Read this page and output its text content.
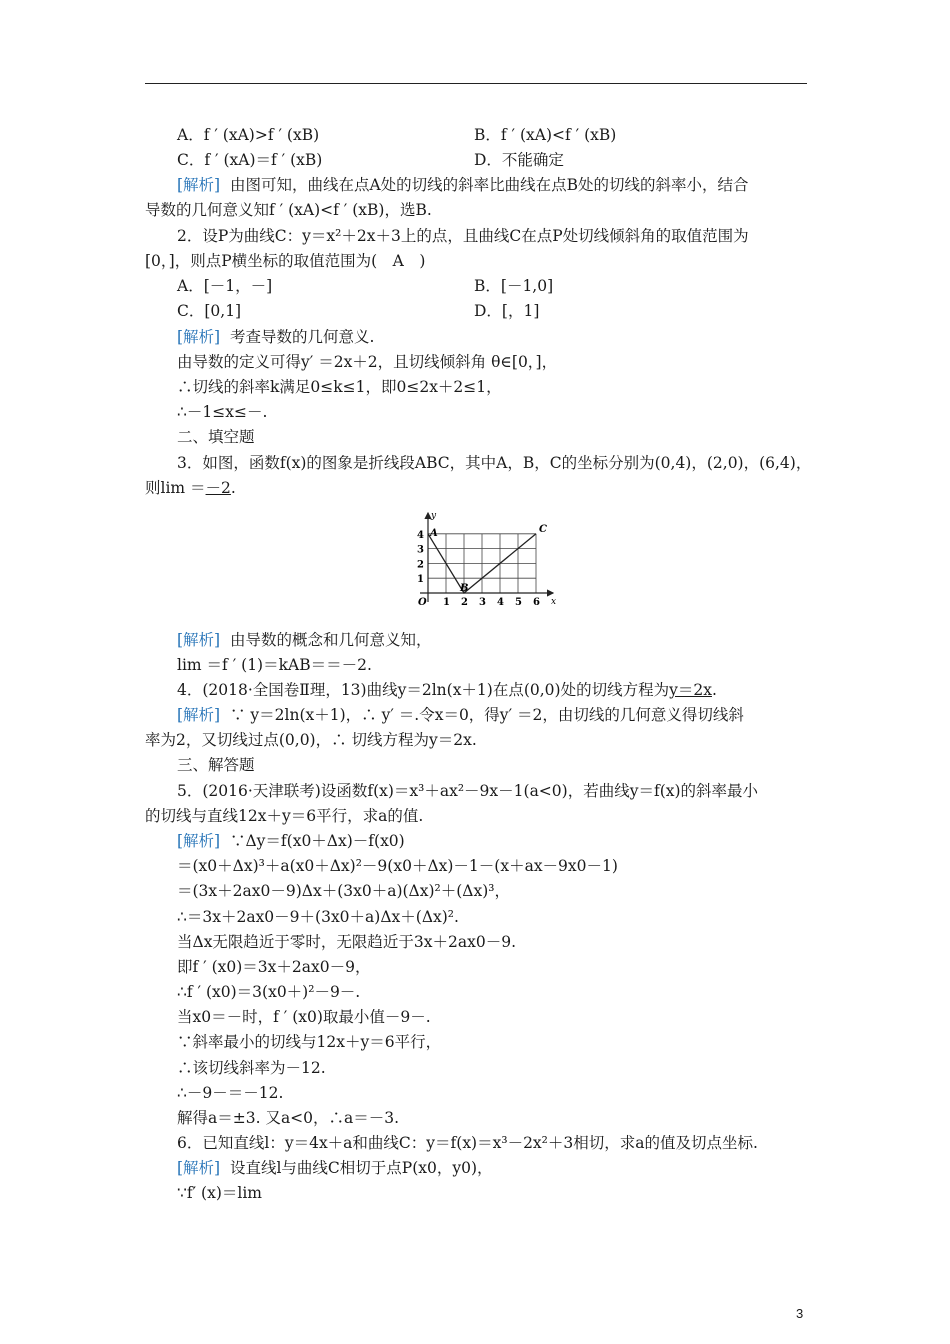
A．f ′ (xA)>f ′ (xB)	B．f ′ (xA)<f ′ (xB)
C．f ′ (xA)＝f ′ (xB)	D．不能确定
[解析]  由图可知，曲线在点A处的切线的斜率比曲线在点B处的切线的斜率小，结合
导数的几何意义知f ′ (xA)<f ′ (xB)，选B.
2．设P为曲线C：y＝x²＋2x＋3上的点，且曲线C在点P处切线倾斜角的取值范围为
[0，]，则点P横坐标的取值范围为(　A　)
A．[－1，－]	B．[－1,0]
C．[0,1]	D．[，1]
[解析]  考查导数的几何意义.
由导数的定义可得y′ ＝2x＋2，且切线倾斜角 θ∈[0，]，
∴切线的斜率k满足0≤k≤1，即0≤2x＋2≤1，
∴－1≤x≤－.
二、填空题
3．如图，函数f(x)的图象是折线段ABC，其中A，B，C的坐标分别为(0,4)，(2,0)，(6,4)，
则lim ＝－2.
y
x
O 1 2 3 4 5 6
1
2
3
4 A
B
C
[解析]  由导数的概念和几何意义知，
lim ＝f ′ (1)＝kAB＝＝－2.
4．(2018·全国卷Ⅱ理，13)曲线y＝2ln(x＋1)在点(0,0)处的切线方程为y＝2x.
[解析]  ∵ y＝2ln(x＋1)，∴ y′ ＝.令x＝0，得y′ ＝2，由切线的几何意义得切线斜
率为2，又切线过点(0,0)，∴ 切线方程为y＝2x.
三、解答题
5．(2016·天津联考)设函数f(x)＝x³＋ax²－9x－1(a<0)，若曲线y＝f(x)的斜率最小
的切线与直线12x＋y＝6平行，求a的值.
[解析]  ∵Δy＝f(x0＋Δx)－f(x0)
＝(x0＋Δx)³＋a(x0＋Δx)²－9(x0＋Δx)－1－(x＋ax－9x0－1)
＝(3x＋2ax0－9)Δx＋(3x0＋a)(Δx)²＋(Δx)³，
∴＝3x＋2ax0－9＋(3x0＋a)Δx＋(Δx)².
当Δx无限趋近于零时，无限趋近于3x＋2ax0－9.
即f ′ (x0)＝3x＋2ax0－9，
∴f ′ (x0)＝3(x0＋)²－9－.
当x0＝－时，f ′ (x0)取最小值－9－.
∵斜率最小的切线与12x＋y＝6平行，
∴该切线斜率为－12.
∴－9－＝－12.
解得a＝±3. 又a<0，∴a＝－3.
6．已知直线l：y＝4x＋a和曲线C：y＝f(x)＝x³－2x²＋3相切，求a的值及切点坐标.
[解析]  设直线l与曲线C相切于点P(x0，y0)，
∵f′ (x)＝lim
3
